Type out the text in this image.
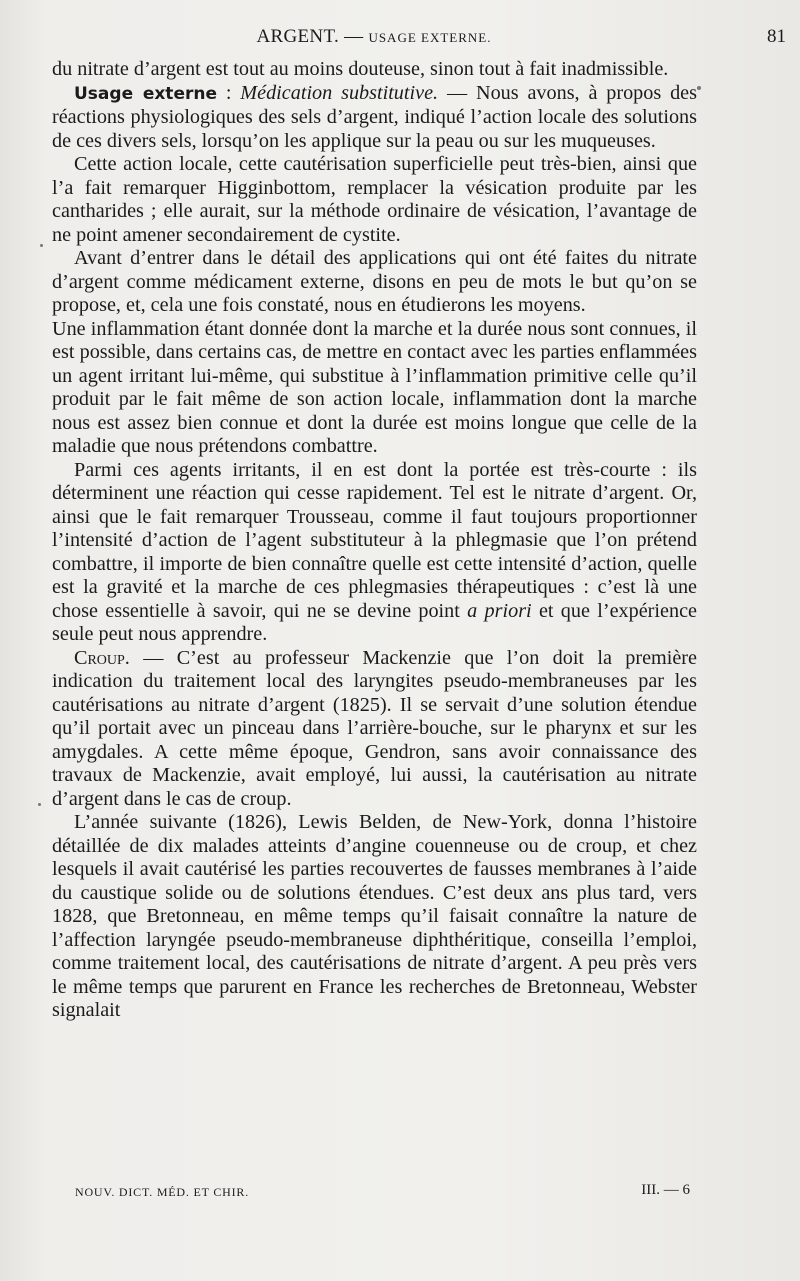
ARGENT. — USAGE EXTERNE.	81

du nitrate d’argent est tout au moins douteuse, sinon tout à fait inadmissible.

Usage externe : Médication substitutive. — Nous avons, à propos des réactions physiologiques des sels d’argent, indiqué l’action locale des solutions de ces divers sels, lorsqu’on les applique sur la peau ou sur les muqueuses.

Cette action locale, cette cautérisation superficielle peut très-bien, ainsi que l’a fait remarquer Higginbottom, remplacer la vésication produite par les cantharides ; elle aurait, sur la méthode ordinaire de vésication, l’avantage de ne point amener secondairement de cystite.

Avant d’entrer dans le détail des applications qui ont été faites du nitrate d’argent comme médicament externe, disons en peu de mots le but qu’on se propose, et, cela une fois constaté, nous en étudierons les moyens.

Une inflammation étant donnée dont la marche et la durée nous sont connues, il est possible, dans certains cas, de mettre en contact avec les parties enflammées un agent irritant lui-même, qui substitue à l’inflammation primitive celle qu’il produit par le fait même de son action locale, inflammation dont la marche nous est assez bien connue et dont la durée est moins longue que celle de la maladie que nous prétendons combattre.

Parmi ces agents irritants, il en est dont la portée est très-courte : ils déterminent une réaction qui cesse rapidement. Tel est le nitrate d’argent. Or, ainsi que le fait remarquer Trousseau, comme il faut toujours proportionner l’intensité d’action de l’agent substituteur à la phlegmasie que l’on prétend combattre, il importe de bien connaître quelle est cette intensité d’action, quelle est la gravité et la marche de ces phlegmasies thérapeutiques : c’est là une chose essentielle à savoir, qui ne se devine point a priori et que l’expérience seule peut nous apprendre.

Croup. — C’est au professeur Mackenzie que l’on doit la première indication du traitement local des laryngites pseudo-membraneuses par les cautérisations au nitrate d’argent (1825). Il se servait d’une solution étendue qu’il portait avec un pinceau dans l’arrière-bouche, sur le pharynx et sur les amygdales. A cette même époque, Gendron, sans avoir connaissance des travaux de Mackenzie, avait employé, lui aussi, la cautérisation au nitrate d’argent dans le cas de croup.

L’année suivante (1826), Lewis Belden, de New-York, donna l’histoire détaillée de dix malades atteints d’angine couenneuse ou de croup, et chez lesquels il avait cautérisé les parties recouvertes de fausses membranes à l’aide du caustique solide ou de solutions étendues. C’est deux ans plus tard, vers 1828, que Bretonneau, en même temps qu’il faisait connaître la nature de l’affection laryngée pseudo-membraneuse diphthéritique, conseilla l’emploi, comme traitement local, des cautérisations de nitrate d’argent. A peu près vers le même temps que parurent en France les recherches de Bretonneau, Webster signalait

NOUV. DICT. MÉD. ET CHIR.	III. — 6
